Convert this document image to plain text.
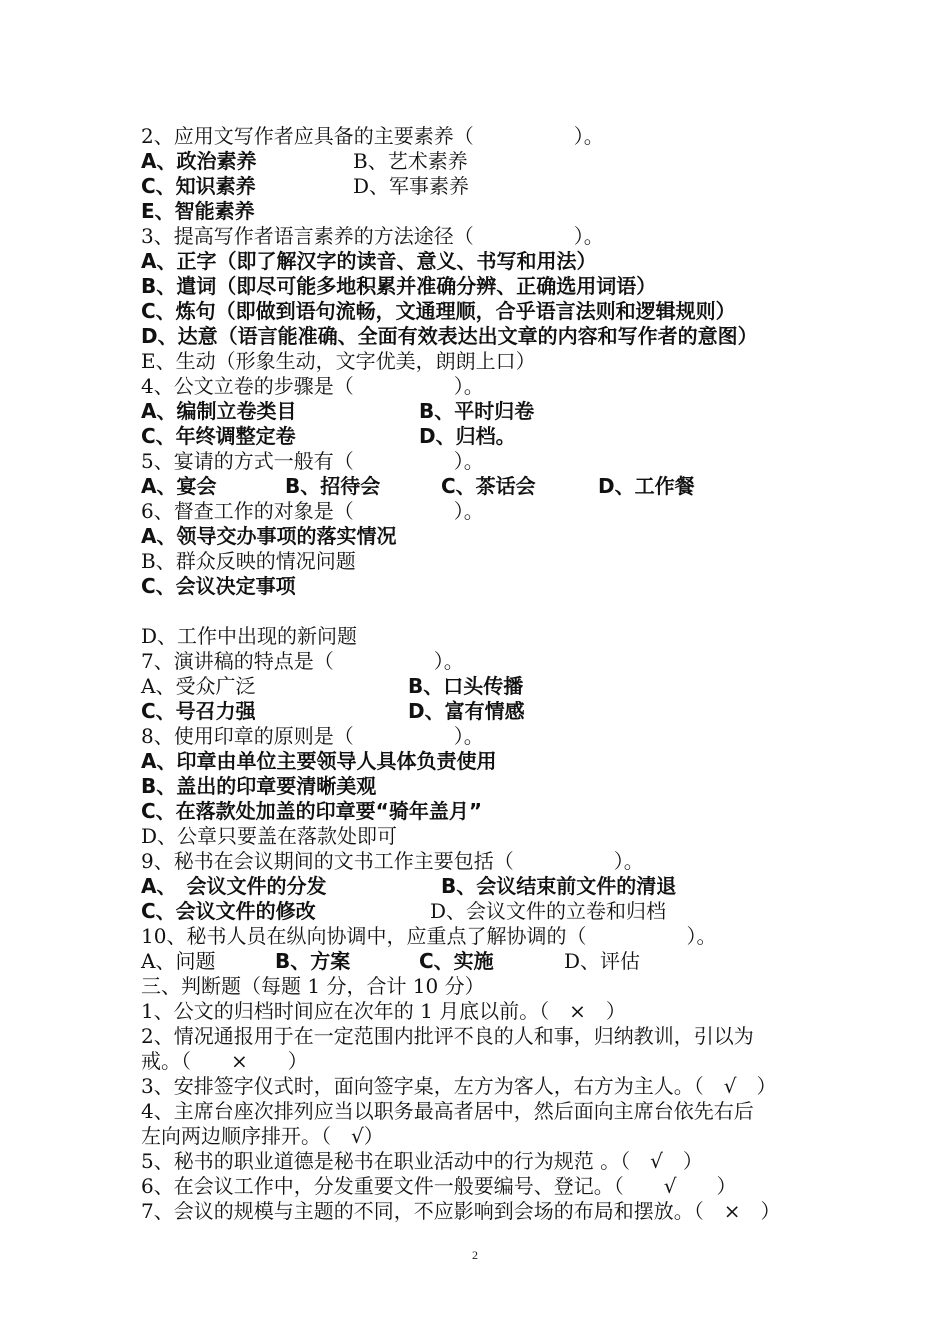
2、应用文写作者应具备的主要素养（　　　　　）。

A、政治素养

	B、艺术素养

C、知识素养

	D、军事素养

E、智能素养
3、提高写作者语言素养的方法途径（　　　　　）。
A、正字（即了解汉字的读音、意义、书写和用法）
B、遣词（即尽可能多地积累并准确分辨、正确选用词语）
C、炼句（即做到语句流畅，文通理顺，合乎语言法则和逻辑规则）
D、达意（语言能准确、全面有效表达出文章的内容和写作者的意图）
E、生动（形象生动，文字优美，朗朗上口）
4、公文立卷的步骤是（　　　　　）。

A、编制立卷类目

	B、平时归卷

C、年终调整定卷

	D、归档。

5、宴请的方式一般有（　　　　　）。

A、宴会

	B、招待会

	C、茶话会

	D、工作餐

6、督查工作的对象是（　　　　　）。
A、领导交办事项的落实情况
B、群众反映的情况问题
C、会议决定事项
D、工作中出现的新问题
7、演讲稿的特点是（　　　　　）。

A、受众广泛

	B、口头传播

C、号召力强

	D、富有情感

8、使用印章的原则是（　　　　　）。
A、印章由单位主要领导人具体负责使用
B、盖出的印章要清晰美观
C、在落款处加盖的印章要“骑年盖月”
D、公章只要盖在落款处即可
9、秘书在会议期间的文书工作主要包括（　　　　　）。

A、　会议文件的分发

	B、会议结束前文件的清退

C、会议文件的修改

	D、会议文件的立卷和归档

10、秘书人员在纵向协调中，应重点了解协调的（　　　　　）。

A、问题

	B、方案

	C、实施

	D、评估

三、判断题（每题 1 分，合计 10 分）
1、公文的归档时间应在次年的 1 月底以前。（　×　）
2、情况通报用于在一定范围内批评不良的人和事，归纳教训，引以为
戒。（　　×　　）
3、安排签字仪式时，面向签字桌，左方为客人，右方为主人。（　√　）
4、主席台座次排列应当以职务最高者居中，然后面向主席台依先右后
左向两边顺序排开。（　√）
5、秘书的职业道德是秘书在职业活动中的行为规范 。（　√　）
6、在会议工作中，分发重要文件一般要编号、登记。（　　√　　）
7、会议的规模与主题的不同，不应影响到会场的布局和摆放。（　×　）
2
